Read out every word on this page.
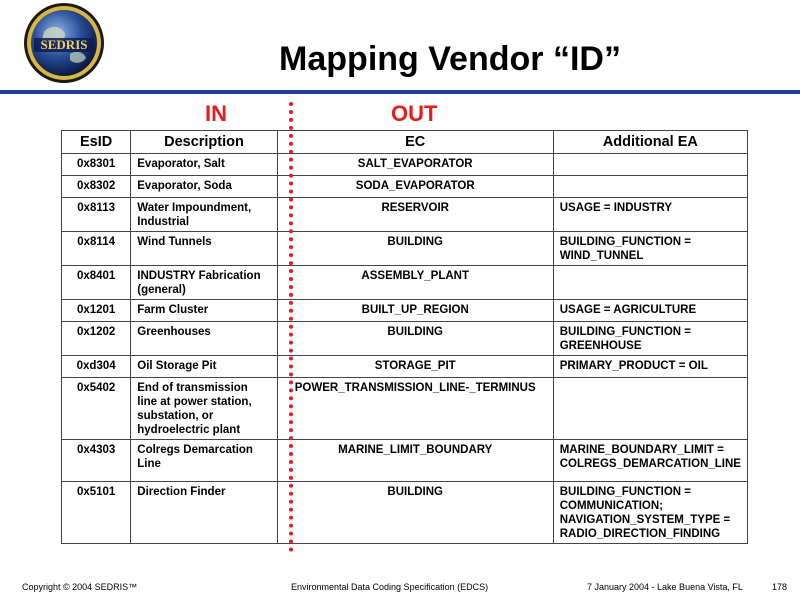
SEDRIS	Mapping Vendor “ID”
IN	OUT
EsID	Description	EC	Additional EA
0x8301	Evaporator, Salt	SALT_EVAPORATOR	
0x8302	Evaporator, Soda	SODA_EVAPORATOR	
0x8113	Water Impoundment, Industrial	RESERVOIR	USAGE = INDUSTRY
0x8114	Wind Tunnels	BUILDING	BUILDING_FUNCTION = WIND_TUNNEL
0x8401	INDUSTRY Fabrication (general)	ASSEMBLY_PLANT	
0x1201	Farm Cluster	BUILT_UP_REGION	USAGE = AGRICULTURE
0x1202	Greenhouses	BUILDING	BUILDING_FUNCTION = GREENHOUSE
0xd304	Oil Storage Pit	STORAGE_PIT	PRIMARY_PRODUCT = OIL
0x5402	End of transmission line at power station, substation, or hydroelectric plant	POWER_TRANSMISSION_LINE-_TERMINUS	
0x4303	Colregs Demarcation Line	MARINE_LIMIT_BOUNDARY	MARINE_BOUNDARY_LIMIT = COLREGS_DEMARCATION_LINE
0x5101	Direction Finder	BUILDING	BUILDING_FUNCTION = COMMUNICATION; NAVIGATION_SYSTEM_TYPE = RADIO_DIRECTION_FINDING
Copyright © 2004 SEDRIS™	Environmental Data Coding Specification (EDCS)	7 January 2004 - Lake Buena Vista, FL	178
